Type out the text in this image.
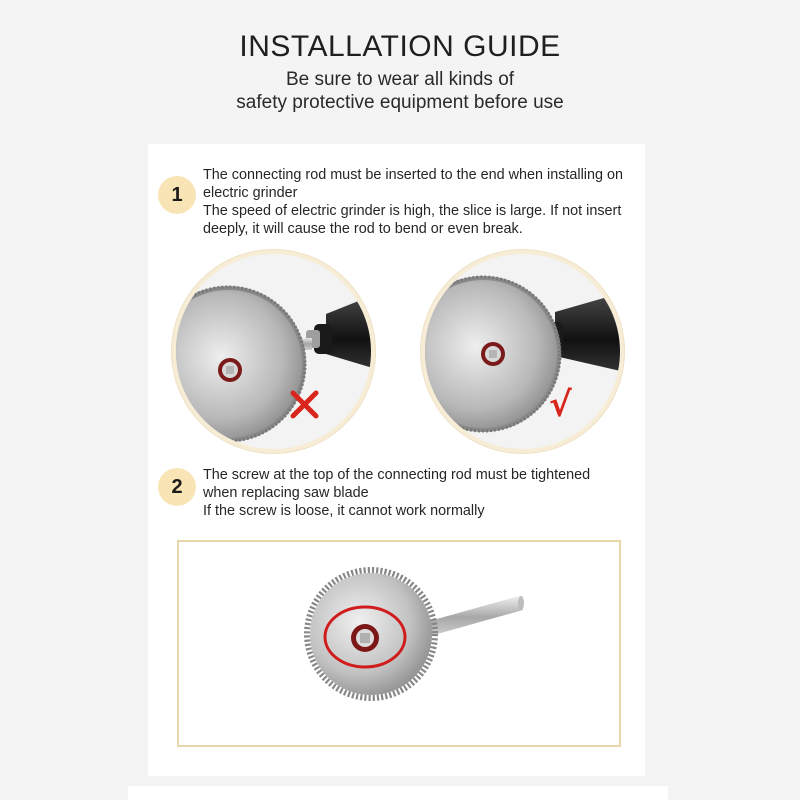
INSTALLATION GUIDE
Be sure to wear all kinds of
safety protective equipment before use
1
The connecting rod must be inserted to the end when installing on electric grinder
The speed of electric grinder is high, the slice is large. If not insert deeply, it will cause the rod to bend or even break.
√
2
The screw at the top of the connecting rod must be tightened when replacing saw blade
If the screw is loose, it cannot work normally
